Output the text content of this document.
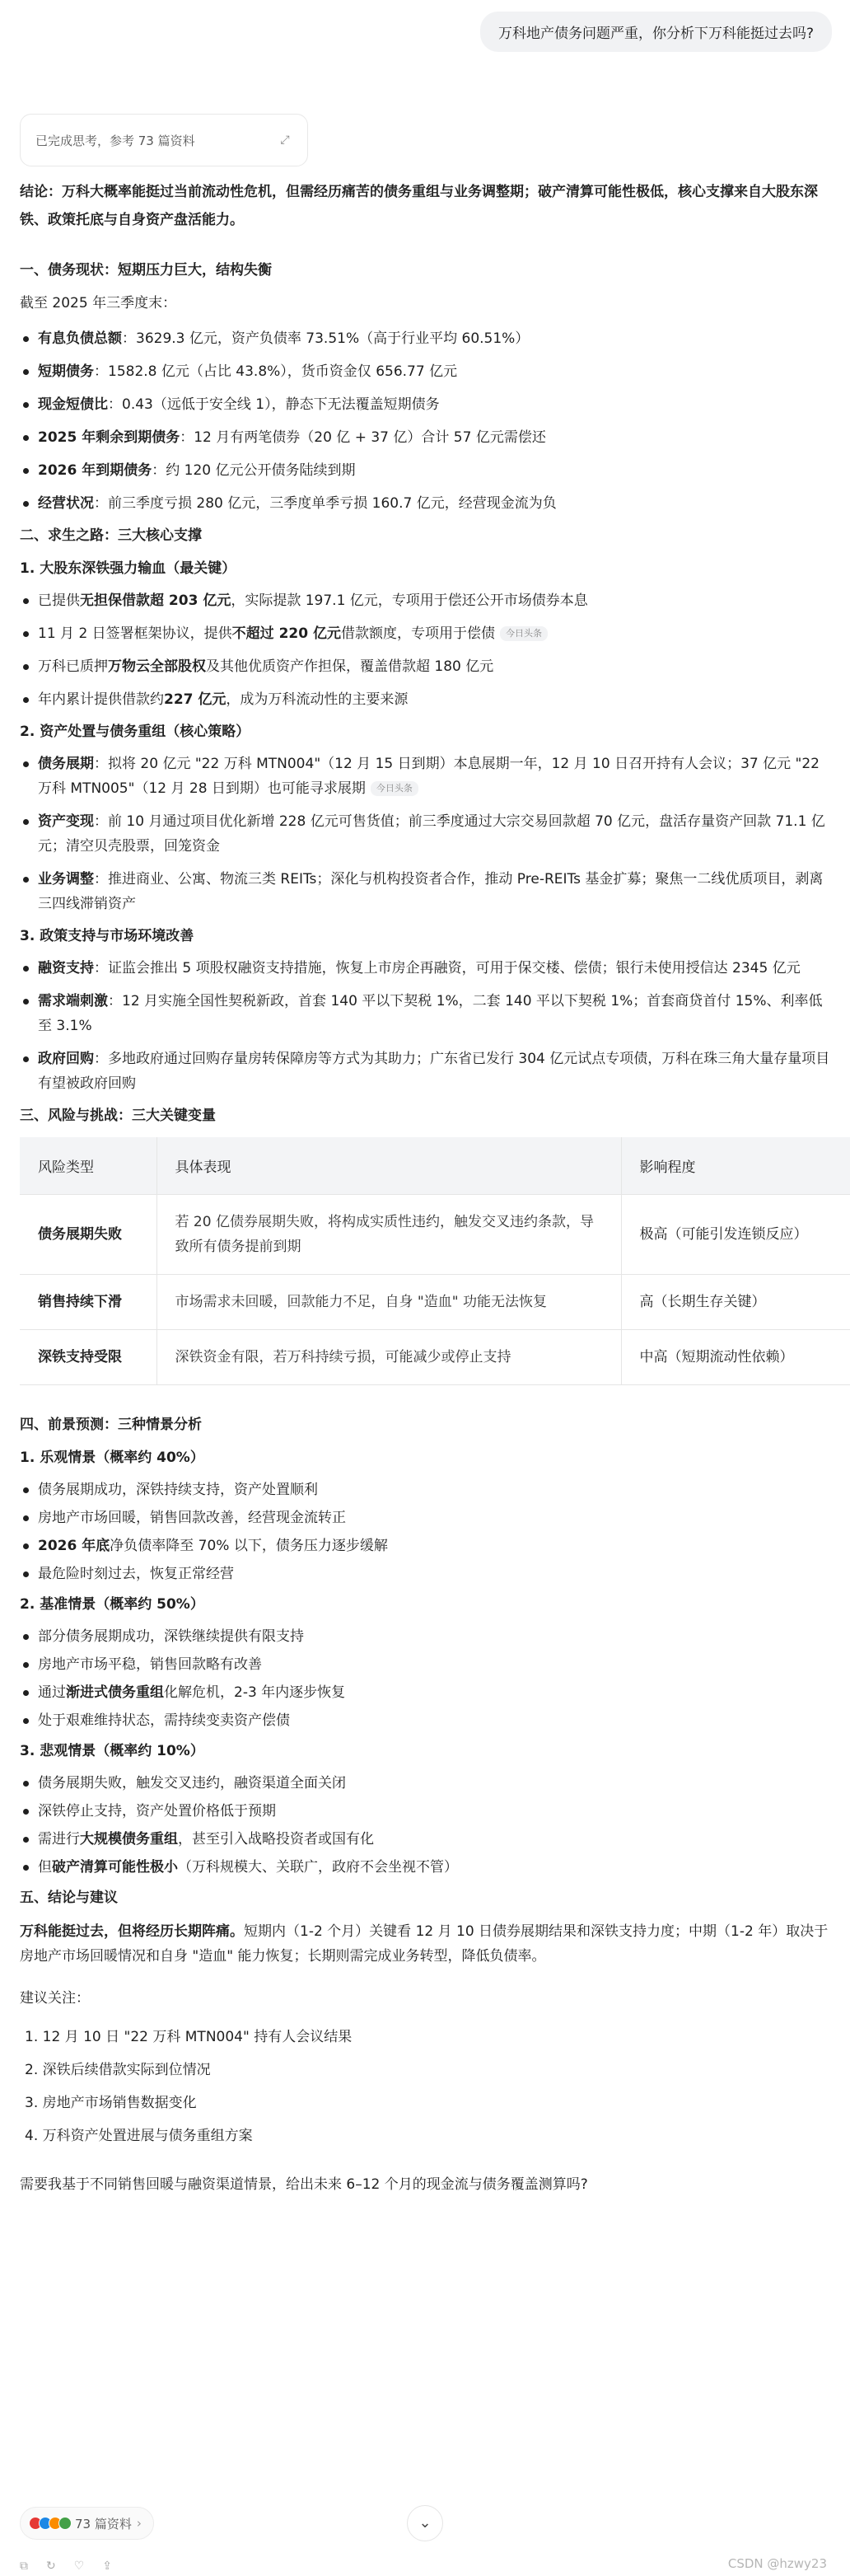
万科地产债务问题严重，你分析下万科能挺过去吗?
已完成思考，参考 73 篇资料	⤢

结论：万科大概率能挺过当前流动性危机，但需经历痛苦的债务重组与业务调整期；破产清算可能性极低，核心支撑来自大股东深铁、政策托底与自身资产盘活能力。

一、债务现状：短期压力巨大，结构失衡

截至 2025 年三季度末：

有息负债总额：3629.3 亿元，资产负债率 73.51%（高于行业平均 60.51%）
短期债务：1582.8 亿元（占比 43.8%），货币资金仅 656.77 亿元
现金短债比：0.43（远低于安全线 1），静态下无法覆盖短期债务
2025 年剩余到期债务：12 月有两笔债券（20 亿 + 37 亿）合计 57 亿元需偿还
2026 年到期债务：约 120 亿元公开债务陆续到期
经营状况：前三季度亏损 280 亿元，三季度单季亏损 160.7 亿元，经营现金流为负
二、求生之路：三大核心支撑
1. 大股东深铁强力输血（最关键）
已提供无担保借款超 203 亿元，实际提款 197.1 亿元，专项用于偿还公开市场债券本息
11 月 2 日签署框架协议，提供不超过 220 亿元借款额度，专项用于偿债 今日头条
万科已质押万物云全部股权及其他优质资产作担保，覆盖借款超 180 亿元
年内累计提供借款约227 亿元，成为万科流动性的主要来源
2. 资产处置与债务重组（核心策略）
债务展期：拟将 20 亿元 "22 万科 MTN004"（12 月 15 日到期）本息展期一年，12 月 10 日召开持有人会议；37 亿元 "22 万科 MTN005"（12 月 28 日到期）也可能寻求展期 今日头条
资产变现：前 10 月通过项目优化新增 228 亿元可售货值；前三季度通过大宗交易回款超 70 亿元，盘活存量资产回款 71.1 亿元；清空贝壳股票，回笼资金
业务调整：推进商业、公寓、物流三类 REITs；深化与机构投资者合作，推动 Pre-REITs 基金扩募；聚焦一二线优质项目，剥离三四线滞销资产
3. 政策支持与市场环境改善
融资支持：证监会推出 5 项股权融资支持措施，恢复上市房企再融资，可用于保交楼、偿债；银行未使用授信达 2345 亿元
需求端刺激：12 月实施全国性契税新政，首套 140 平以下契税 1%，二套 140 平以下契税 1%；首套商贷首付 15%、利率低至 3.1%
政府回购：多地政府通过回购存量房转保障房等方式为其助力；广东省已发行 304 亿元试点专项债，万科在珠三角大量存量项目有望被政府回购
三、风险与挑战：三大关键变量
风险类型	具体表现	影响程度
债务展期失败	若 20 亿债券展期失败，将构成实质性违约，触发交叉违约条款，导致所有债务提前到期	极高（可能引发连锁反应）
销售持续下滑	市场需求未回暖，回款能力不足，自身 "造血" 功能无法恢复	高（长期生存关键）
深铁支持受限	深铁资金有限，若万科持续亏损，可能减少或停止支持	中高（短期流动性依赖）
四、前景预测：三种情景分析
1. 乐观情景（概率约 40%）
债务展期成功，深铁持续支持，资产处置顺利
房地产市场回暖，销售回款改善，经营现金流转正
2026 年底净负债率降至 70% 以下，债务压力逐步缓解
最危险时刻过去，恢复正常经营
2. 基准情景（概率约 50%）
部分债务展期成功，深铁继续提供有限支持
房地产市场平稳，销售回款略有改善
通过渐进式债务重组化解危机，2-3 年内逐步恢复
处于艰难维持状态，需持续变卖资产偿债
3. 悲观情景（概率约 10%）
债务展期失败，触发交叉违约，融资渠道全面关闭
深铁停止支持，资产处置价格低于预期
需进行大规模债务重组，甚至引入战略投资者或国有化
但破产清算可能性极小（万科规模大、关联广，政府不会坐视不管）
五、结论与建议

万科能挺过去，但将经历长期阵痛。短期内（1-2 个月）关键看 12 月 10 日债券展期结果和深铁支持力度；中期（1-2 年）取决于房地产市场回暖情况和自身 "造血" 能力恢复；长期则需完成业务转型，降低负债率。

建议关注：

1. 12 月 10 日 "22 万科 MTN004" 持有人会议结果
2. 深铁后续借款实际到位情况
3. 房地产市场销售数据变化
4. 万科资产处置进展与债务重组方案

需要我基于不同销售回暖与融资渠道情景，给出未来 6–12 个月的现金流与债务覆盖测算吗?

73 篇资料 ›	⌄
⧉ ↻ ♡ ⇪	CSDN @hzwy23
